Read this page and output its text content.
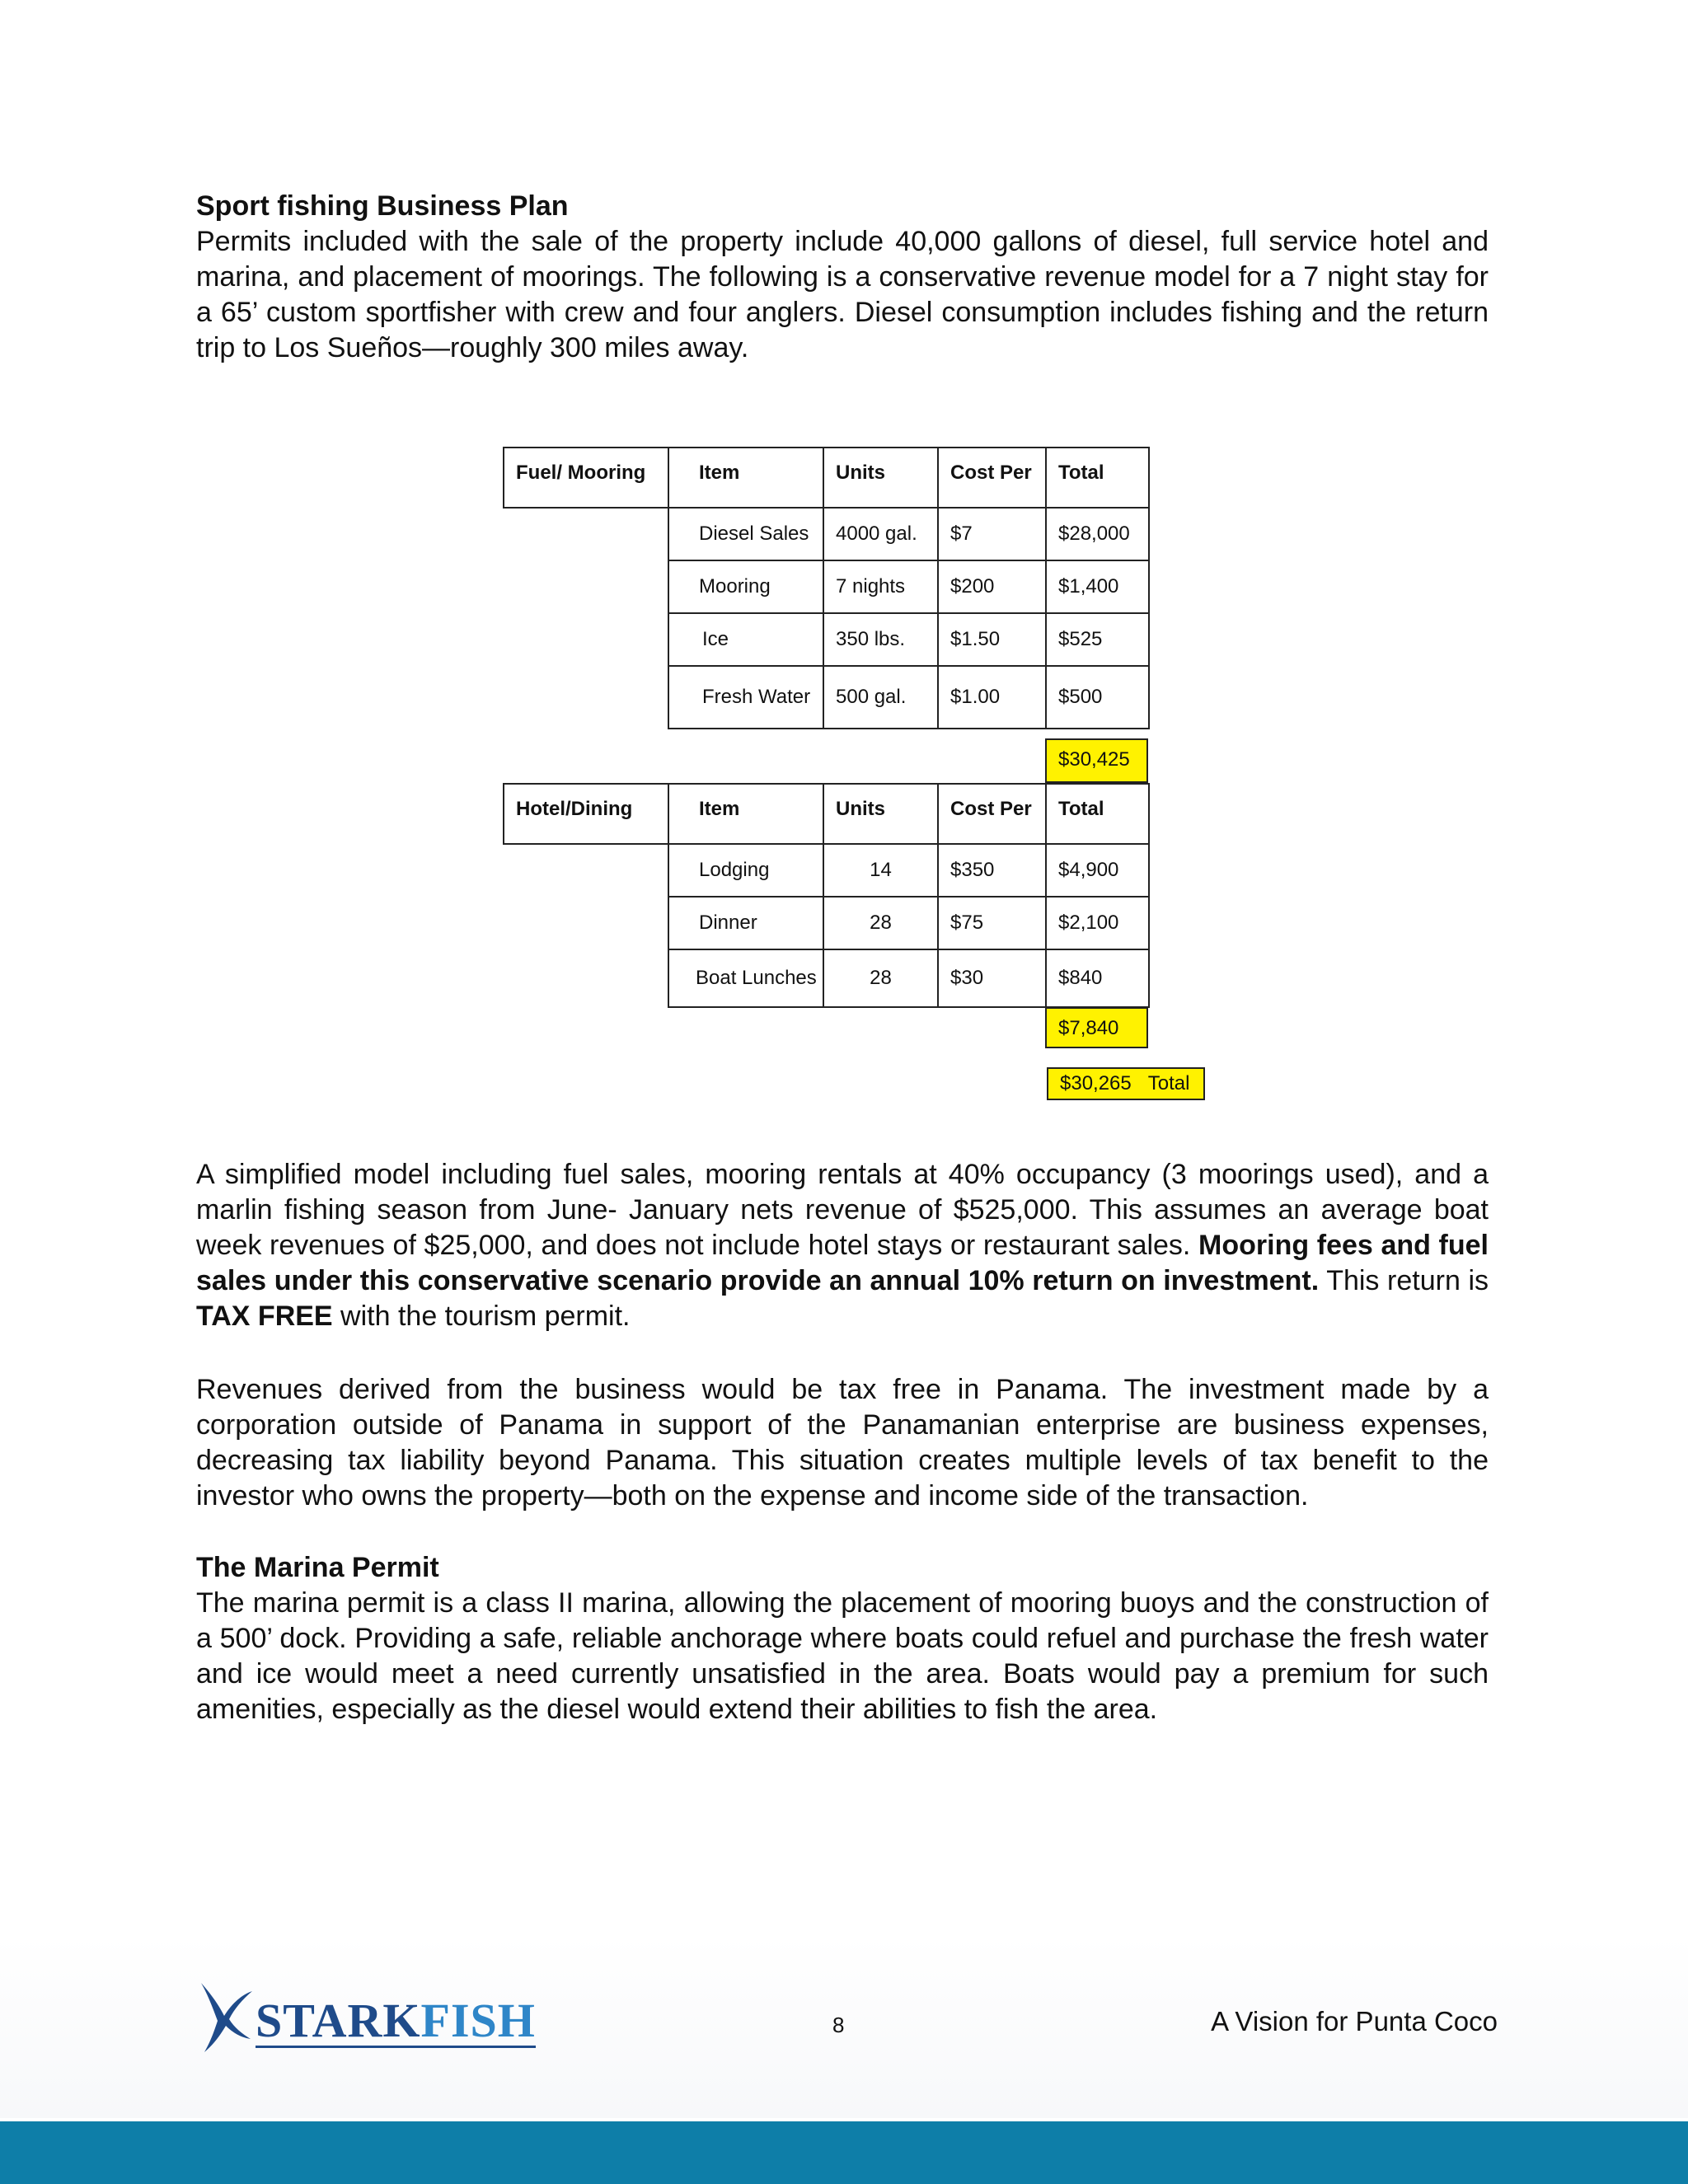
Sport fishing Business Plan

Permits included with the sale of the property include 40,000 gallons of diesel, full service hotel and marina, and placement of moorings. The following is a conservative revenue model for a 7 night stay for a 65’ custom sportfisher with crew and four anglers. Diesel consumption includes fishing and the return trip to Los Sueños—roughly 300 miles away.

Fuel/ Mooring	Item	Units	Cost Per	Total
	Diesel Sales	4000 gal.	$7	$28,000
	Mooring	7 nights	$200	$1,400
	Ice	350 lbs.	$1.50	$525
	Fresh Water	500 gal.	$1.00	$500
$30,425
Hotel/Dining	Item	Units	Cost Per	Total
	Lodging	14	$350	$4,900
	Dinner	28	$75	$2,100
	Boat Lunches	28	$30	$840
$7,840
$30,265 Total

A simplified model including fuel sales, mooring rentals at 40% occupancy (3 moorings used), and a marlin fishing season from June- January nets revenue of $525,000. This assumes an average boat week revenues of $25,000, and does not include hotel stays or restaurant sales. Mooring fees and fuel sales under this conservative scenario provide an annual 10% return on investment. This return is TAX FREE with the tourism permit.

Revenues derived from the business would be tax free in Panama. The investment made by a corporation outside of Panama in support of the Panamanian enterprise are business expenses, decreasing tax liability beyond Panama. This situation creates multiple levels of tax benefit to the investor who owns the property—both on the expense and income side of the transaction.

The Marina Permit

The marina permit is a class II marina, allowing the placement of mooring buoys and the construction of a 500’ dock. Providing a safe, reliable anchorage where boats could refuel and purchase the fresh water and ice would meet a need currently unsatisfied in the area. Boats would pay a premium for such amenities, especially as the diesel would extend their abilities to fish the area.

STARKFISH	8	A Vision for Punta Coco
